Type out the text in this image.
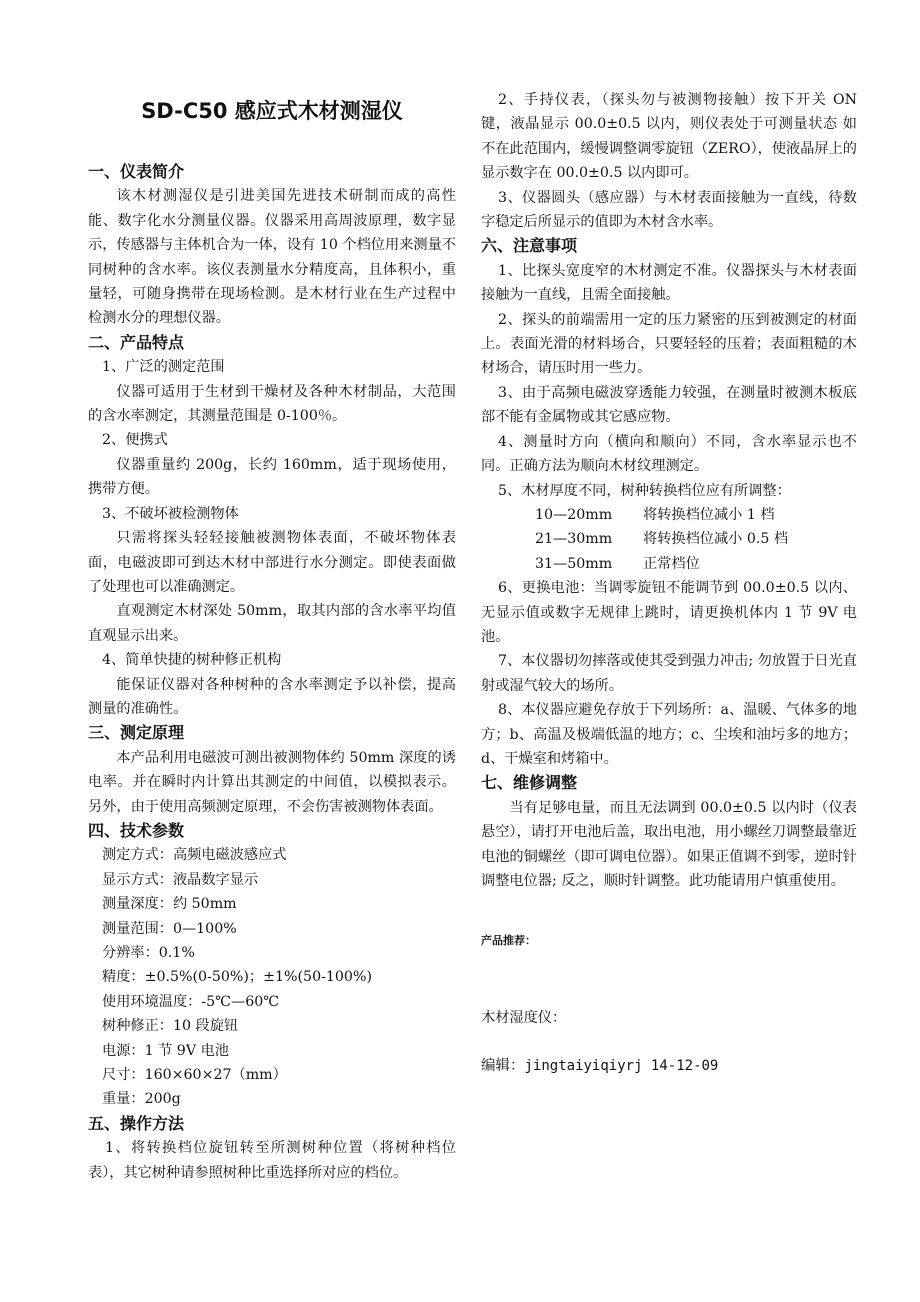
SD-C50 感应式木材测湿仪
一、仪表简介

该木材测湿仪是引进美国先进技术研制而成的高性能、数字化水分测量仪器。仪器采用高周波原理，数字显示，传感器与主体机合为一体，设有 10 个档位用来测量不同树种的含水率。该仪表测量水分精度高，且体积小，重量轻，可随身携带在现场检测。是木材行业在生产过程中检测水分的理想仪器。

二、产品特点

1、广泛的测定范围

仪器可适用于生材到干燥材及各种木材制品，大范围的含水率测定，其测量范围是 0-100％。

2、便携式

仪器重量约 200g，长约 160mm，适于现场使用，携带方便。

3、不破坏被检测物体

只需将探头轻轻接触被测物体表面，不破坏物体表面，电磁波即可到达木材中部进行水分测定。即使表面做了处理也可以准确测定。

直观测定木材深处 50mm，取其内部的含水率平均值直观显示出来。

4、简单快捷的树种修正机构

能保证仪器对各种树种的含水率测定予以补偿，提高测量的准确性。

三、测定原理

本产品利用电磁波可测出被测物体约 50mm 深度的诱电率。并在瞬时内计算出其测定的中间值，以模拟表示。另外，由于使用高频测定原理，不会伤害被测物体表面。

四、技术参数

测定方式：高频电磁波感应式

显示方式：液晶数字显示

测量深度：约 50mm

测量范围：0—100%

分辨率：0.1%

精度：±0.5%(0-50%)；±1%(50-100%)

使用环境温度：-5℃—60℃

树种修正：10 段旋钮

电源：1 节 9V 电池

尺寸：160×60×27（mm）

重量：200g

五、操作方法

1、将转换档位旋钮转至所测树种位置（将树种档位表），其它树种请参照树种比重选择所对应的档位。

2、手持仪表，（探头勿与被测物接触）按下开关 ON 键，液晶显示 00.0±0.5 以内，则仪表处于可测量状态 如不在此范围内，缓慢调整调零旋钮（ZERO），使液晶屏上的显示数字在 00.0±0.5 以内即可。

3、仪器圆头（感应器）与木材表面接触为一直线，待数字稳定后所显示的值即为木材含水率。

六、注意事项

1、比探头宽度窄的木材测定不准。仪器探头与木材表面接触为一直线，且需全面接触。

2、探头的前端需用一定的压力紧密的压到被测定的材面上。表面光滑的材料场合，只要轻轻的压着；表面粗糙的木材场合，请压时用一些力。

3、由于高频电磁波穿透能力较强，在测量时被测木板底部不能有金属物或其它感应物。

4、测量时方向（横向和顺向）不同，含水率显示也不同。正确方法为顺向木材纹理测定。

5、木材厚度不同，树种转换档位应有所调整：

10—20mm	将转换档位减小 1 档
21—30mm	将转换档位减小 0.5 档
31—50mm	正常档位

6、更换电池：当调零旋钮不能调节到 00.0±0.5 以内、无显示值或数字无规律上跳时，请更换机体内 1 节 9V 电池。

7、本仪器切勿摔落或使其受到强力冲击; 勿放置于日光直射或湿气较大的场所。

8、本仪器应避免存放于下列场所：a、温暖、气体多的地方；b、高温及极端低温的地方；c、尘埃和油圬多的地方；d、干燥室和烤箱中。

七、维修调整

当有足够电量，而且无法调到 00.0±0.5 以内时（仪表悬空），请打开电池后盖，取出电池，用小螺丝刀调整最靠近电池的铜螺丝（即可调电位器）。如果正值调不到零，逆时针调整电位器; 反之，顺时针调整。此功能请用户慎重使用。

产品推荐：

木材湿度仪：

编辑：jingtaiyiqiyrj 14-12-09
